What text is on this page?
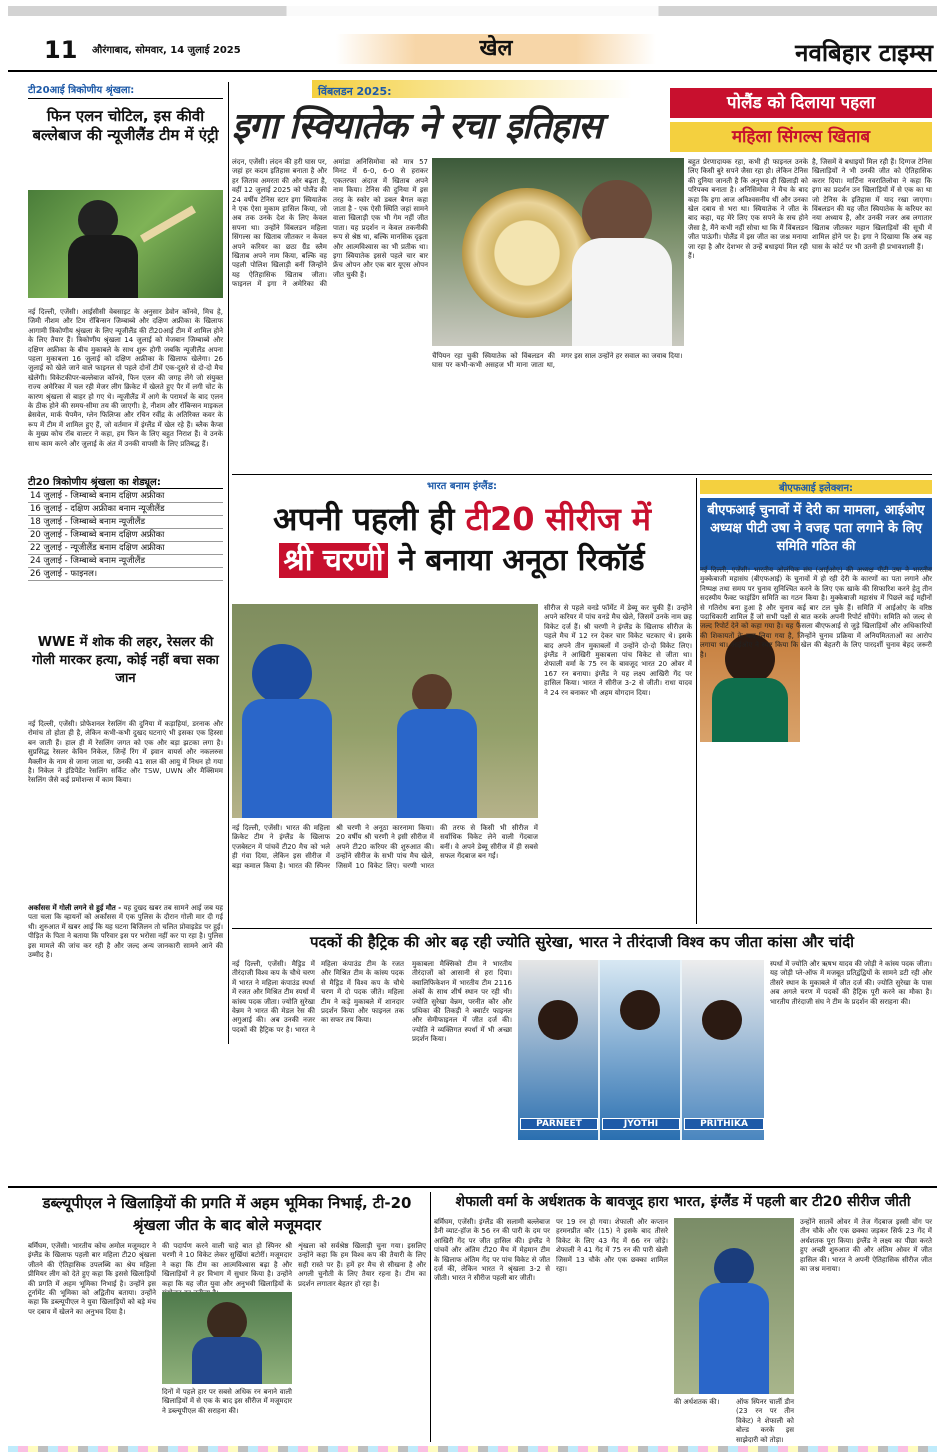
11 औरंगाबाद, सोमवार, 14 जुलाई 2025	खेल	नवबिहार टाइम्स
टी20आई त्रिकोणीय श्रृंखला:
फिन एलन चोटिल, इस कीवी बल्लेबाज की न्यूजीलैंड टीम में एंट्री
नई दिल्ली, एजेंसी। आईसीसी वेबसाइट के अनुसार डेवोन कॉनवे, मिच हे, जिमी नीशम और टिम रॉबिन्सन जिम्बाब्वे और दक्षिण अफ्रीका के खिलाफ आगामी त्रिकोणीय श्रृंखला के लिए न्यूजीलैंड की टी20आई टीम में शामिल होने के लिए तैयार हैं। त्रिकोणीय श्रृंखला 14 जुलाई को मेजबान जिम्बाब्वे और दक्षिण अफ्रीका के बीच मुकाबले के साथ शुरू होगी जबकि न्यूजीलैंड अपना पहला मुकाबला 16 जुलाई को दक्षिण अफ्रीका के खिलाफ खेलेगा। 26 जुलाई को खेले जाने वाले फाइनल से पहले दोनों टीमें एक-दूसरे से दो-दो मैच खेलेंगी। विकेटकीपर-बल्लेबाज कॉनवे, फिन एलन की जगह लेंगे जो संयुक्त राज्य अमेरिका में चल रही मेजर लीग क्रिकेट में खेलते हुए पैर में लगी चोट के कारण श्रृंखला से बाहर हो गए थे। न्यूजीलैंड में आगे के परामर्श के बाद एलन के ठीक होने की समय-सीमा तय की जाएगी। हे, नीशम और रॉबिन्सन माइकल ब्रेसवेल, मार्क चैपमैन, ग्लेन फिलिप्स और रचिन रवींद्र के अतिरिक्त कवर के रूप में टीम में शामिल हुए हैं, जो वर्तमान में इंग्लैंड में खेल रहे हैं। ब्लैक कैप्स के मुख्य कोच रॉब वाल्टर ने कहा, हम फिन के लिए बहुत निराश हैं। वे उनके साथ काम करने और जुलाई के अंत में उनकी वापसी के लिए प्रतिबद्ध हैं।
टी20 त्रिकोणीय श्रृंखला का शेड्यूल:
14 जुलाई - जिम्बाब्वे बनाम दक्षिण अफ्रीका
16 जुलाई - दक्षिण अफ्रीका बनाम न्यूजीलैंड
18 जुलाई - जिम्बाब्वे बनाम न्यूजीलैंड
20 जुलाई - जिम्बाब्वे बनाम दक्षिण अफ्रीका
22 जुलाई - न्यूजीलैंड बनाम दक्षिण अफ्रीका
24 जुलाई - जिम्बाब्वे बनाम न्यूजीलैंड
26 जुलाई - फाइनल।
WWE में शोक की लहर, रेसलर की गोली मारकर हत्या, कोई नहीं बचा सका जान
नई दिल्ली, एजेंसी। प्रोफेशनल रेसलिंग की दुनिया में कड़ाहियां, डरनाक और रोमांच तो होता ही है, लेकिन कभी-कभी दुखद घटनाएं भी इसका एक हिस्सा बन जाती हैं। हाल ही में रेसलिंग जगत को एक और बड़ा झटका लगा है। सुप्रसिद्ध रेसलर केविन निकेल, जिन्हें रिंग में इवान वायर्स और नकलरुस मैक्लीन के नाम से जाना जाता था, उनकी 41 साल की आयु में निधन हो गया है। निकेल ने इंडिपेंडेंट रेसलिंग सर्किट और TSW, UWN और मैक्सिमम रेसलिंग जैसे कई प्रमोशन्स में काम किया।
अर्कांसस में गोली लगने से हुई मौत - यह दुखद खबर तब सामने आई जब यह पता चला कि व्हायनों को अर्कांसस में एक पुलिस के दौरान गोली मार दी गई थी। शुरुआत में खबर आई कि यह घटना बिजिलन तो चलित प्रोवाइडेड पर हुई। पीड़ित के पिता ने बताया कि परिवार इस पर भरोसा नहीं कर पा रहा है। पुलिस इस मामले की जांच कर रही है और जल्द अन्य जानकारी सामने आने की उम्मीद है।
विंबलडन 2025:
इगा स्वियातेक ने रचा इतिहास
पोलैंड को दिलाया पहला
महिला सिंगल्स खिताब
लंदन, एजेंसी। लंदन की हरी घास पर, जहां हर कदम इतिहास बनाता है और हर जिताव अमरता की ओर बढ़ता है, वहीं 12 जुलाई 2025 को पोलैंड की 24 वर्षीय टेनिस स्टार इगा स्वियातेक ने एक ऐसा मुकाम हासिल किया, जो अब तक उनके देश के लिए केवल सपना था। उन्होंने विंबलडन महिला सिंगल्स का खिताब जीतकर न केवल अपने करियर का छठा ग्रैंड स्लैम खिताब अपने नाम किया, बल्कि वह पहली पोलिश खिलाड़ी बनीं जिन्होंने यह ऐतिहासिक खिताब जीता। फाइनल में इगा ने अमेरिका की अमांडा अनिसिमोवा को मात्र 57 मिनट में 6-0, 6-0 से हराकर एकतरफा अंदाज में खिताब अपने नाम किया। टेनिस की दुनिया में इस तरह के स्कोर को डबल बैगल कहा जाता है - एक ऐसी स्थिति जहां सामने वाला खिलाड़ी एक भी गेम नहीं जीत पाता। यह प्रदर्शन न केवल तकनीकी रूप से श्रेष्ठ था, बल्कि मानसिक दृढ़ता और आत्मविश्वास का भी प्रतीक था। इगा स्वियातेक इससे पहले चार बार फ्रेंच ओपन और एक बार यूएस ओपन जीत चुकी हैं।
चैंपियन रहा चुकी स्वियातेक को विंबलडन की घास पर कभी-कभी असहज भी माना जाता था, मगर इस साल उन्होंने हर सवाल का जवाब दिया।
बहुत प्रेरणादायक रहा, कभी ही फाइनल उनके लिए किसी बुरे सपने जैसा रहा हो। लेकिन टेनिस की दुनिया जानती है कि अनुभव ही खिलाड़ी को परिपक्व बनाता है। अनिसिमोवा ने मैच के बाद कहा कि इगा आज अविश्वसनीय थीं और उनका खेल दबाव से भरा था। स्वियातेक ने जीत के बाद कहा, यह मेरे लिए एक सपने के सच होने जैसा है, मैंने कभी नहीं सोचा था कि मैं विंबलडन जीत पाऊंगी। पोलैंड में इस जीत का जश्न मनाया जा रहा है और देशभर से उन्हें बधाइयां मिल रही हैं।
है, जिसमें वे बधाइयों मिल रही हैं। दिग्गज टेनिस खिलाड़ियों ने भी उनकी जीत को ऐतिहासिक करार दिया। मार्टिना नवरातिलोवा ने कहा कि इगा का प्रदर्शन उन खिलाड़ियों में से एक का था जो टेनिस के इतिहास में याद रखा जाएगा। विंबलडन की यह जीत स्वियातेक के करियर का नया अध्याय है, और उनकी नजर अब लगातार खिताब जीतकर महान खिलाड़ियों की सूची में शामिल होने पर है। इगा ने दिखाया कि अब वह घास के कोर्ट पर भी उतनी ही प्रभावशाली हैं।
भारत बनाम इंग्लैंड:
अपनी पहली ही टी20 सीरीज में
श्री चरणी ने बनाया अनूठा रिकॉर्ड
नई दिल्ली, एजेंसी। भारत की महिला क्रिकेट टीम ने इंग्लैंड के खिलाफ एजबेस्टन में पांचवें टी20 मैच को भले ही गंवा दिया, लेकिन इस सीरीज में बड़ा कमाल किया है। भारत की स्पिनर श्री चरणी ने अनूठा कारनामा किया। 20 वर्षीय श्री चरणी ने इसी सीरीज में अपने टी20 करियर की शुरुआत की। उन्होंने सीरीज के सभी पांच मैच खेले, जिसमें 10 विकेट लिए। चरणी भारत की तरफ से किसी भी सीरीज में सर्वाधिक विकेट लेने वाली गेंदबाज बनीं। वे अपने डेब्यू सीरीज में ही सबसे सफल गेंदबाज बन गईं।
सीरीज से पहले वनडे फॉर्मेट में डेब्यू कर चुकी हैं। उन्होंने अपने करियर में पांच वनडे मैच खेले, जिसमें उनके नाम छह विकेट दर्ज हैं। श्री चरणी ने इंग्लैंड के खिलाफ सीरीज के पहले मैच में 12 रन देकर चार विकेट चटकाए थे। इसके बाद अपने तीन मुकाबलों में उन्होंने दो-दो विकेट लिए। इंग्लैंड ने आखिरी मुकाबला पांच विकेट से जीता था। शेफाली वर्मा के 75 रन के बावजूद भारत 20 ओवर में 167 रन बनाया। इंग्लैंड ने यह लक्ष्य आखिरी गेंद पर हासिल किया। भारत ने सीरीज 3-2 से जीती। राधा यादव ने 24 रन बनाकर भी अहम योगदान दिया।
बीएफआई इलेक्शन:
बीएफआई चुनावों में देरी का मामला, आईओए अध्यक्ष पीटी उषा ने वजह पता लगाने के लिए समिति गठित की
नई दिल्ली, एजेंसी। भारतीय ओलंपिक संघ (आईओए) की अध्यक्ष पीटी उषा ने भारतीय मुक्केबाजी महासंघ (बीएफआई) के चुनावों में हो रही देरी के कारणों का पता लगाने और निष्पक्ष तथा समय पर चुनाव सुनिश्चित करने के लिए एक खाके की सिफारिश करने हेतु तीन सदस्यीय फैक्ट फाइंडिंग समिति का गठन किया है। मुक्केबाजी महासंघ में पिछले कई महीनों से गतिरोध बना हुआ है और चुनाव कई बार टल चुके हैं। समिति में आईओए के वरिष्ठ पदाधिकारी शामिल हैं जो सभी पक्षों से बात करके अपनी रिपोर्ट सौंपेंगे। समिति को जल्द से जल्द रिपोर्ट देने को कहा गया है। यह फैसला बीएफआई से जुड़े खिलाड़ियों और अधिकारियों की शिकायतों के बाद लिया गया है, जिन्होंने चुनाव प्रक्रिया में अनियमितताओं का आरोप लगाया था। आईओए ने स्पष्ट किया कि खेल की बेहतरी के लिए पारदर्शी चुनाव बेहद जरूरी है।
पदकों की हैट्रिक की ओर बढ़ रही ज्योति सुरेखा, भारत ने तीरंदाजी विश्व कप जीता कांसा और चांदी
नई दिल्ली, एजेंसी। मैड्रिड में तीरंदाजी विश्व कप के चौथे चरण में भारत ने महिला कंपाउंड स्पर्धा में रजत और मिश्रित टीम स्पर्धा में कांस्य पदक जीता। ज्योति सुरेखा वेन्नम ने भारत की मेडल रेस की अगुआई की। अब उनकी नजर पदकों की हैट्रिक पर है। भारत ने महिला कंपाउंड टीम के रजत और मिश्रित टीम के कांस्य पदक से मैड्रिड में विश्व कप के चौथे चरण में दो पदक जीते। महिला टीम ने कड़े मुकाबले में शानदार प्रदर्शन किया और फाइनल तक का सफर तय किया।
मुकाबला मैक्सिको टीम ने भारतीय तीरंदाजों को आसानी से हरा दिया। क्वालिफिकेशन में भारतीय टीम 2116 अंकों के साथ शीर्ष स्थान पर रही थी। ज्योति सुरेखा वेन्नम, परनीत कौर और प्रथिका की तिकड़ी ने क्वार्टर फाइनल और सेमीफाइनल में जीत दर्ज की। ज्योति ने व्यक्तिगत स्पर्धा में भी अच्छा प्रदर्शन किया।
PARNEET	JYOTHI	PRITHIKA
स्पर्धा में ज्योति और ऋषभ यादव की जोड़ी ने कांस्य पदक जीता। यह जोड़ी प्ले-ऑफ में मजबूत प्रतिद्वंद्वियों के सामने डटी रही और तीसरे स्थान के मुकाबले में जीत दर्ज की। ज्योति सुरेखा के पास अब अगले चरण में पदकों की हैट्रिक पूरी करने का मौका है। भारतीय तीरंदाजी संघ ने टीम के प्रदर्शन की सराहना की।
डब्ल्यूपीएल ने खिलाड़ियों की प्रगति में अहम भूमिका निभाई, टी-20 श्रृंखला जीत के बाद बोले मजूमदार
बर्मिंघम, एजेंसी। भारतीय कोच अमोल मजूमदार ने इंग्लैंड के खिलाफ पहली बार महिला टी20 श्रृंखला जीतने की ऐतिहासिक उपलब्धि का श्रेय महिला प्रीमियर लीग को देते हुए कहा कि इससे खिलाड़ियों की प्रगति में अहम भूमिका निभाई है। उन्होंने इस टूर्नामेंट की भूमिका को अद्वितीय बताया। उन्होंने कहा कि डब्ल्यूपीएल ने युवा खिलाड़ियों को बड़े मंच पर दबाव में खेलने का अनुभव दिया है।
की पदार्पण करने वाली चाहे बात हो स्पिनर श्री चरणी ने 10 विकेट लेकर सुर्खियां बटोरीं। मजूमदार ने कहा कि टीम का आत्मविश्वास बढ़ा है और खिलाड़ियों ने हर विभाग में सुधार किया है। उन्होंने कहा कि यह जीत युवा और अनुभवी खिलाड़ियों के
दिनों में पहले हार पर सबसे अधिक रन बनाने वाली खिलाड़ियों में से एक के बाद इस सीरीज में मजूमदार ने डब्ल्यूपीएल की सराहना की।
शृंखला को सर्वश्रेष्ठ खिलाड़ी चुना गया। इसलिए उन्होंने कहा कि हम विश्व कप की तैयारी के लिए सही रास्ते पर हैं। हमें हर मैच से सीखना है और अगली चुनौती के लिए तैयार रहना है। टीम का प्रदर्शन लगातार बेहतर हो रहा है।
शेफाली वर्मा के अर्धशतक के बावजूद हारा भारत, इंग्लैंड में पहली बार टी20 सीरीज जीती
बर्मिंघम, एजेंसी। इंग्लैंड की सलामी बल्लेबाज डैनी व्याट-हॉज के 56 रन की पारी के दम पर आखिरी गेंद पर जीत हासिल की। इंग्लैंड ने पांचवें और अंतिम टी20 मैच में मेहमान टीम के खिलाफ अंतिम गेंद पर पांच विकेट से जीत दर्ज की, लेकिन भारत ने श्रृंखला 3-2 से जीती। भारत ने सीरीज पहली बार जीती।
पर 19 रन हो गया। शेफाली और कप्तान हरमनप्रीत कौर (15) ने इसके बाद तीसरे विकेट के लिए 43 गेंद में 66 रन जोड़े। शेफाली ने 41 गेंद में 75 रन की पारी खेली जिसमें 13 चौके और एक छक्का शामिल रहा।
की अर्धशतक की।	ऑफ स्पिनर चार्ली डीन (23 रन पर तीन विकेट) ने शेफाली को बोल्ड करके इस साझेदारी को तोड़ा।
उन्होंने सातवें ओवर में तेज गेंदबाज इस्सी वोंग पर तीन चौके और एक छक्का जड़कर सिर्फ 23 गेंद में अर्धशतक पूरा किया। इंग्लैंड ने लक्ष्य का पीछा करते हुए अच्छी शुरुआत की और अंतिम ओवर में जीत हासिल की। भारत ने अपनी ऐतिहासिक सीरीज जीत का जश्न मनाया।
